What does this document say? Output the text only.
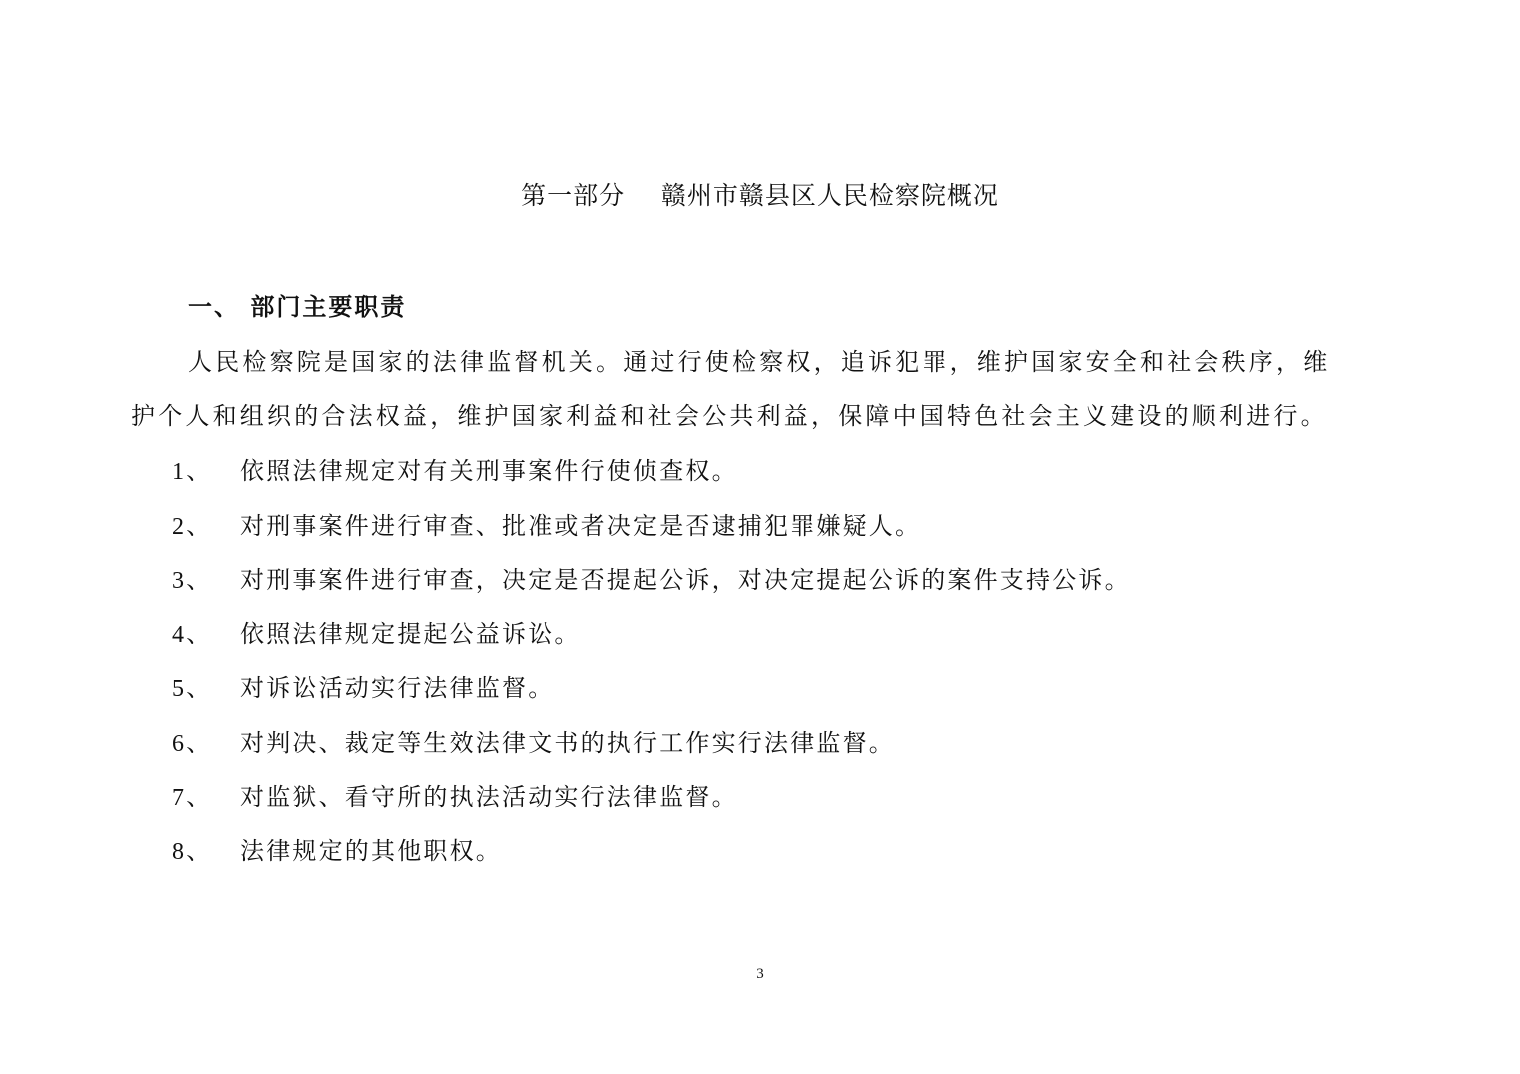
第一部分    赣州市赣县区人民检察院概况
一、 部门主要职责
人民检察院是国家的法律监督机关。通过行使检察权，追诉犯罪，维护国家安全和社会秩序，维
护个人和组织的合法权益，维护国家利益和社会公共利益，保障中国特色社会主义建设的顺利进行。
1、 依照法律规定对有关刑事案件行使侦查权。
2、 对刑事案件进行审查、批准或者决定是否逮捕犯罪嫌疑人。
3、 对刑事案件进行审查，决定是否提起公诉，对决定提起公诉的案件支持公诉。
4、 依照法律规定提起公益诉讼。
5、 对诉讼活动实行法律监督。
6、 对判决、裁定等生效法律文书的执行工作实行法律监督。
7、 对监狱、看守所的执法活动实行法律监督。
8、 法律规定的其他职权。
3
